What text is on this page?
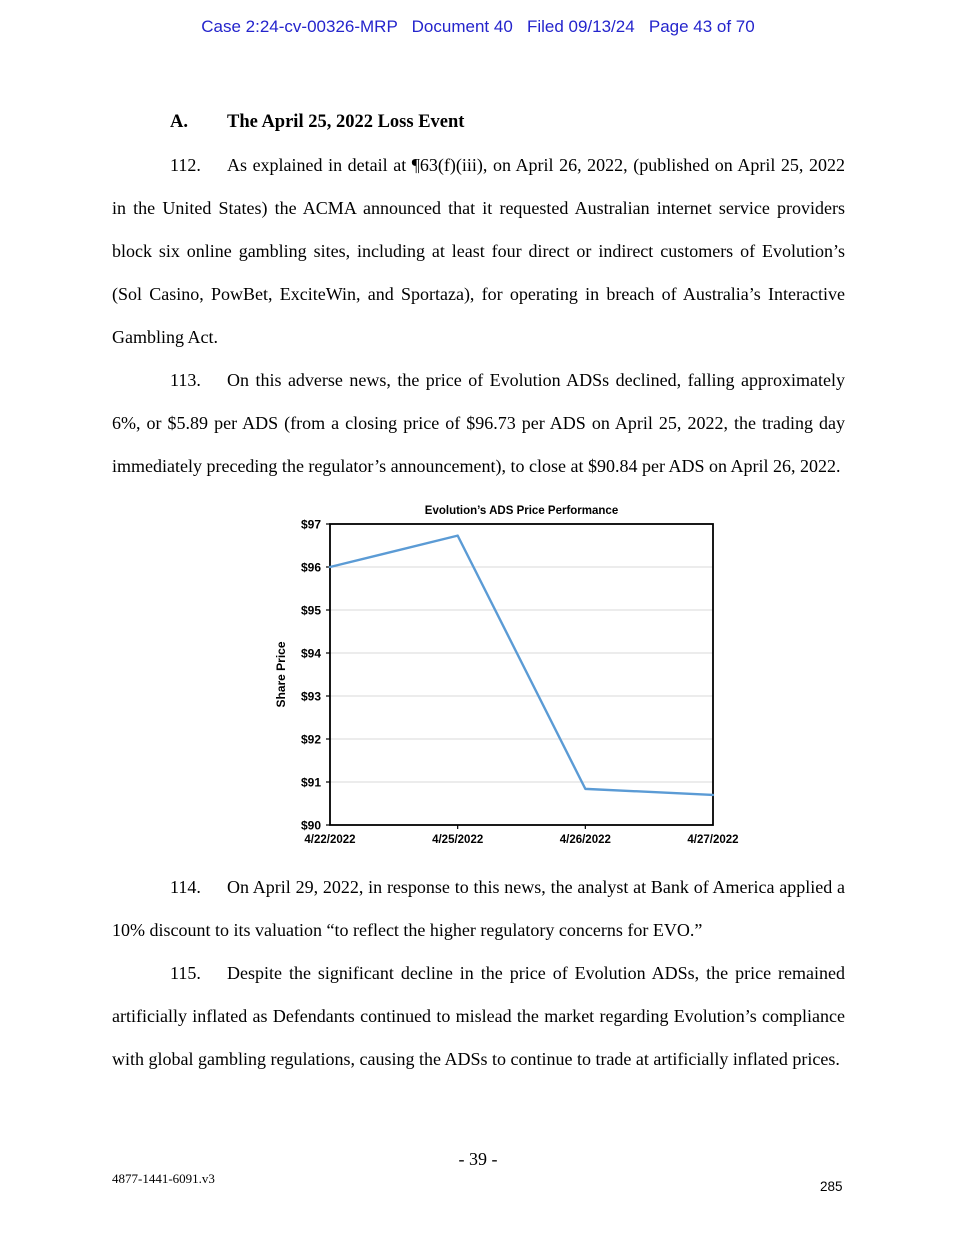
Case 2:24-cv-00326-MRP   Document 40   Filed 09/13/24   Page 43 of 70
A. The April 25, 2022 Loss Event

112. As explained in detail at ¶63(f)(iii), on April 26, 2022, (published on April 25, 2022 in the United States) the ACMA announced that it requested Australian internet service providers block six online gambling sites, including at least four direct or indirect customers of Evolution’s (Sol Casino, PowBet, ExciteWin, and Sportaza), for operating in breach of Australia’s Interactive Gambling Act.

113. On this adverse news, the price of Evolution ADSs declined, falling approximately 6%, or $5.89 per ADS (from a closing price of $96.73 per ADS on April 25, 2022, the trading day immediately preceding the regulator’s announcement), to close at $90.84 per ADS on April 26, 2022.

$90
$91
$92
$93
$94
$95
$96
$97
4/22/2022	4/25/2022	4/26/2022	4/27/2022
Evolution’s ADS Price Performance
Share Price

114. On April 29, 2022, in response to this news, the analyst at Bank of America applied a 10% discount to its valuation “to reflect the higher regulatory concerns for EVO.”

115. Despite the significant decline in the price of Evolution ADSs, the price remained artificially inflated as Defendants continued to mislead the market regarding Evolution’s compliance with global gambling regulations, causing the ADSs to continue to trade at artificially inflated prices.

- 39 -
4877-1441-6091.v3
285
